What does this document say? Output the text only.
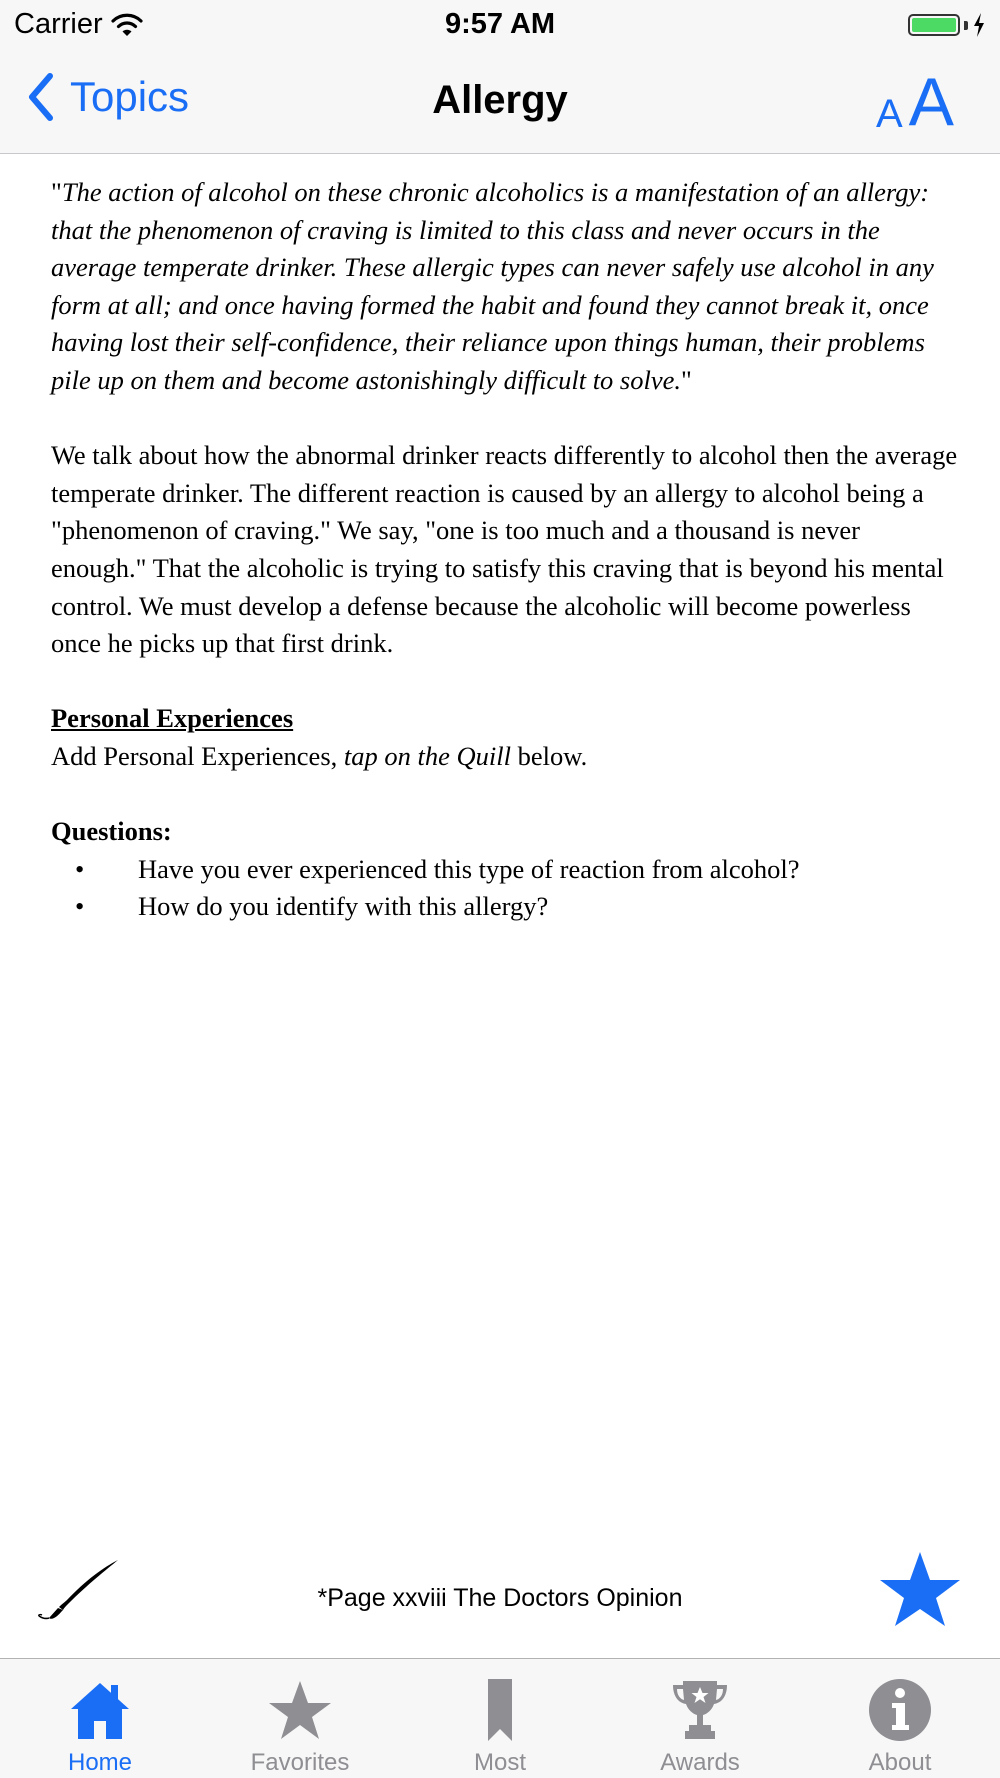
Carrier	9:57 AM
Topics	Allergy	A A

"The action of alcohol on these chronic alcoholics is a manifestation of an allergy: that the phenomenon of craving is limited to this class and never occurs in the average temperate drinker. These allergic types can never safely use alcohol in any form at all; and once having formed the habit and found they cannot break it, once having lost their self-confidence, their reliance upon things human, their problems pile up on them and become astonishingly difficult to solve."

We talk about how the abnormal drinker reacts differently to alcohol then the average temperate drinker. The different reaction is caused by an allergy to alcohol being a "phenomenon of craving." We say, "one is too much and a thousand is never enough." That the alcoholic is trying to satisfy this craving that is beyond his mental control. We must develop a defense because the alcoholic will become powerless once he picks up that first drink.

Personal Experiences

Add Personal Experiences, tap on the Quill below.

Questions:

•	Have you ever experienced this type of reaction from alcohol?
•	How do you identify with this allergy?
*Page xxviii The Doctors Opinion
Home	Favorites	Most	Awards	About
